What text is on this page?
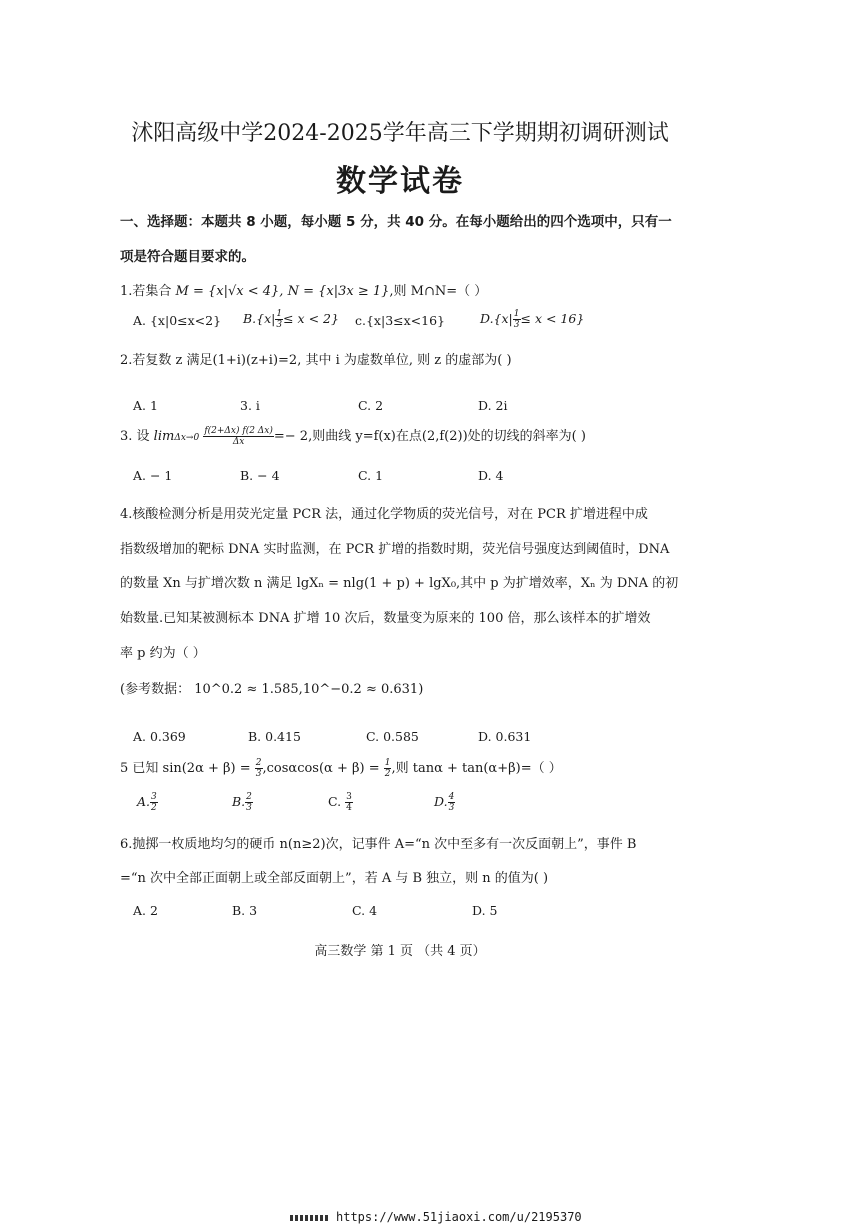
沭阳高级中学2024-2025学年高三下学期期初调研测试
数学试卷
一、选择题：本题共 8 小题，每小题 5 分，共 40 分。在每小题给出的四个选项中，只有一
项是符合题目要求的。
1.若集合 M = {x|√x < 4}, N = {x|3x ≥ 1},则 M∩N=（ ）
A. {x|0≤x<2} $B.\{x| \frac{1}{3} \le x < 2\}$ c.{x|3≤x<16}	$D.\{x| \frac{1}{3} \le x < 16\}$
2.若复数 z 满足(1+i)(z+i)=2, 其中 i 为虚数单位, 则 z 的虚部为( )
A. 1	3. i	C. 2	D. 2i
3. 设 $\lim\Delta x\to 0 \frac{f(2+\Delta x) f(2 \Delta x)}{\Delta x} =- 2$,则曲线 y=f(x)在点(2,f(2))处的切线的斜率为( )
A. − 1	B. − 4	C. 1	D. 4
4.核酸检测分析是用荧光定量 PCR 法，通过化学物质的荧光信号，对在 PCR 扩增进程中成
指数级增加的靶标 DNA 实时监测，在 PCR 扩增的指数时期，荧光信号强度达到阈值时，DNA
的数量 Xn 与扩增次数 n 满足 lgXₙ = nlg(1 + p) + lgX₀,其中 p 为扩增效率，Xₙ 为 DNA 的初
始数量.已知某被测标本 DNA 扩增 10 次后，数量变为原来的 100 倍，那么该样本的扩增效
率 p 约为（ ）
(参考数据： 10^0.2 ≈ 1.585,10^−0.2 ≈ 0.631)
A. 0.369	B. 0.415	C. 0.585	D. 0.631
5 已知 $\sin(2\alpha + \beta) = \frac{2}{3} ,\cos\alpha\cos(\alpha + \beta) = \frac{1}{2}$ ,则 tanα + tan(α+β)=（ ）
A. $\frac{3}{2}$	B. $\frac{2}{3}$	C. $\frac{3}{4}$	D. $\frac{4}{3}$
6.抛掷一枚质地均匀的硬币 n(n≥2)次，记事件 A=“n 次中至多有一次反面朝上”，事件 B
=“n 次中全部正面朝上或全部反面朝上”，若 A 与 B 独立，则 n 的值为( )
A. 2	B. 3	C. 4	D. 5
高三数学 第 1 页 （共 4 页）
https://www.51jiaoxi.com/u/2195370
